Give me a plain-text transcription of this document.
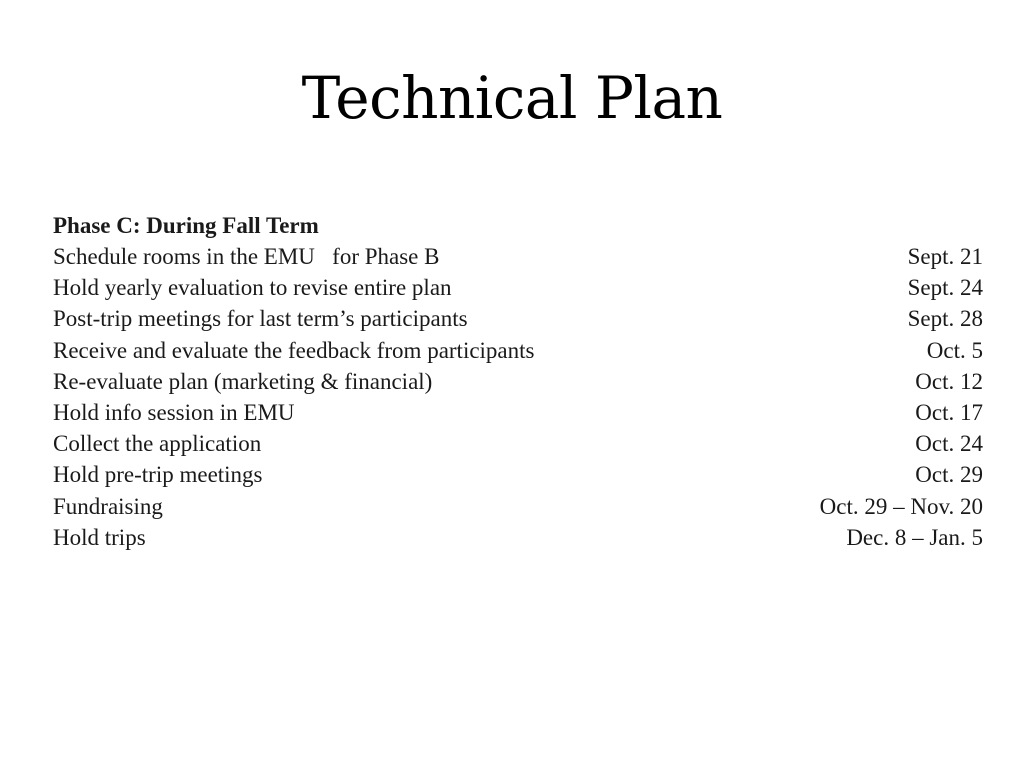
Technical Plan
Phase C: During Fall Term
Schedule rooms in the EMU   for Phase B	Sept. 21
Hold yearly evaluation to revise entire plan	Sept. 24
Post-trip meetings for last term’s participants	Sept. 28
Receive and evaluate the feedback from participants	Oct. 5
Re-evaluate plan (marketing & financial)	Oct. 12
Hold info session in EMU	Oct. 17
Collect the application	Oct. 24
Hold pre-trip meetings	Oct. 29
Fundraising	Oct. 29 – Nov. 20
Hold trips	Dec. 8 – Jan. 5
